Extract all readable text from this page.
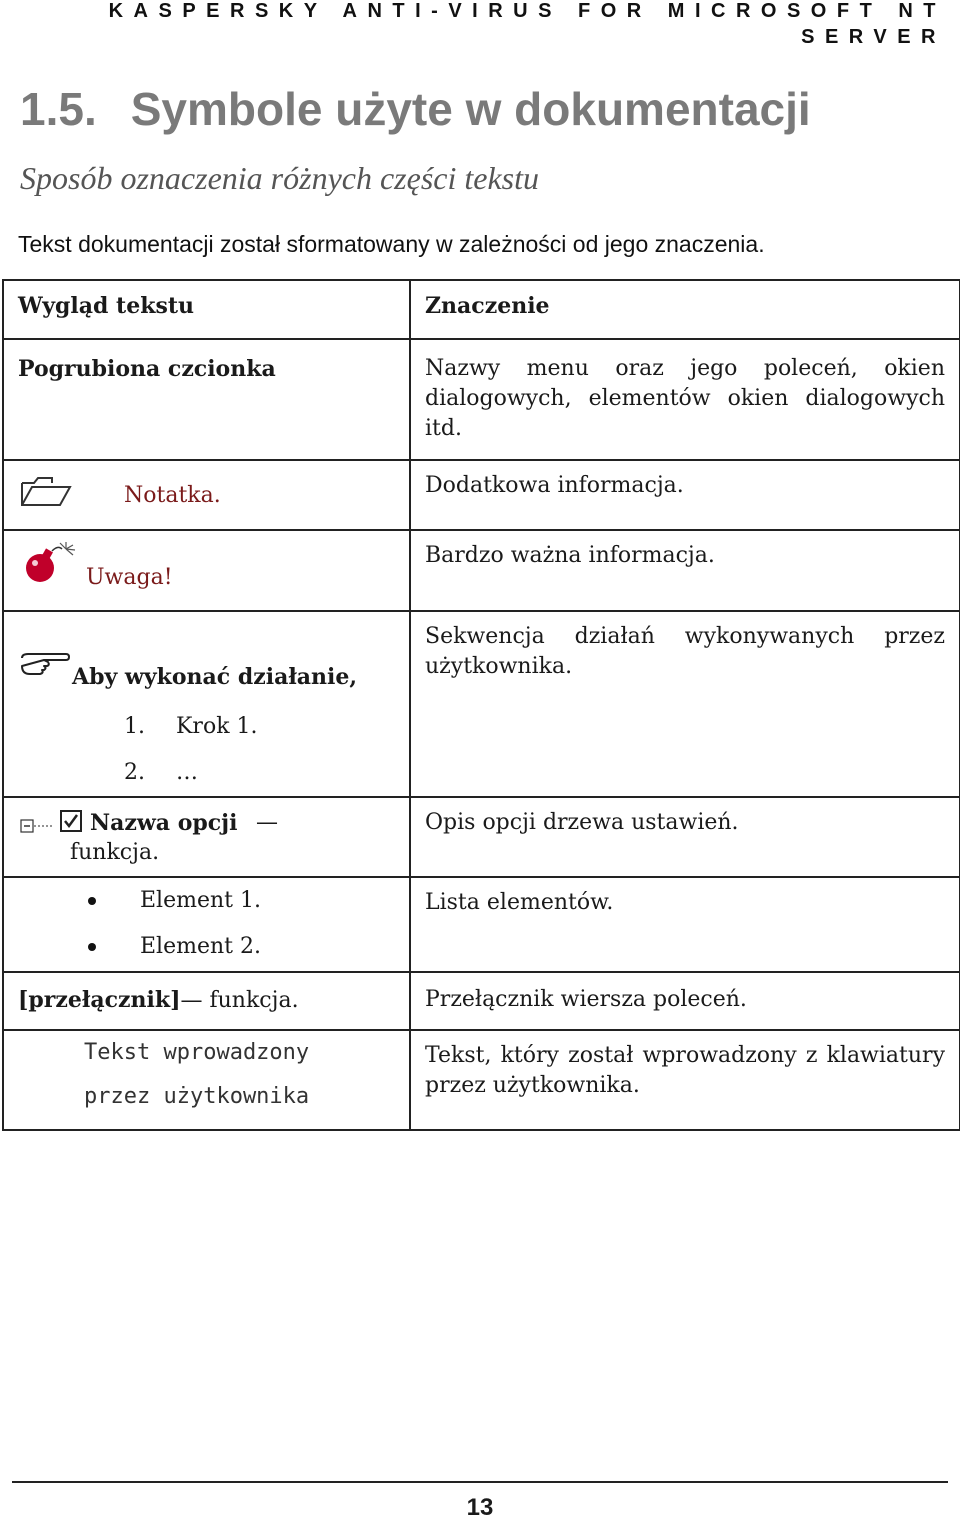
KASPERSKY ANTI-VIRUS FOR MICROSOFT NT
SERVER
1.5. Symbole użyte w dokumentacji

Sposób oznaczenia różnych części tekstu

Tekst dokumentacji został sformatowany w zależności od jego znaczenia.

Wygląd tekstu	Znaczenie

Pogrubiona czcionka	Nazwy menu oraz jego poleceń, okien dialogowych, elementów okien dialogowych itd.

Notatka.	Dodatkowa informacja.

Uwaga!	Bardzo ważna informacja.

Aby wykonać działanie,
1. Krok 1.
2. …	Sekwencja działań wykonywanych przez użytkownika.

Nazwa opcji — funkcja.	Opis opcji drzewa ustawień.

Element 1.
Element 2.	Lista elementów.

[przełącznik]— funkcja.	Przełącznik wiersza poleceń.

Tekst wprowadzony
przez użytkownika	Tekst, który został wprowadzony z klawiatury przez użytkownika.
13
